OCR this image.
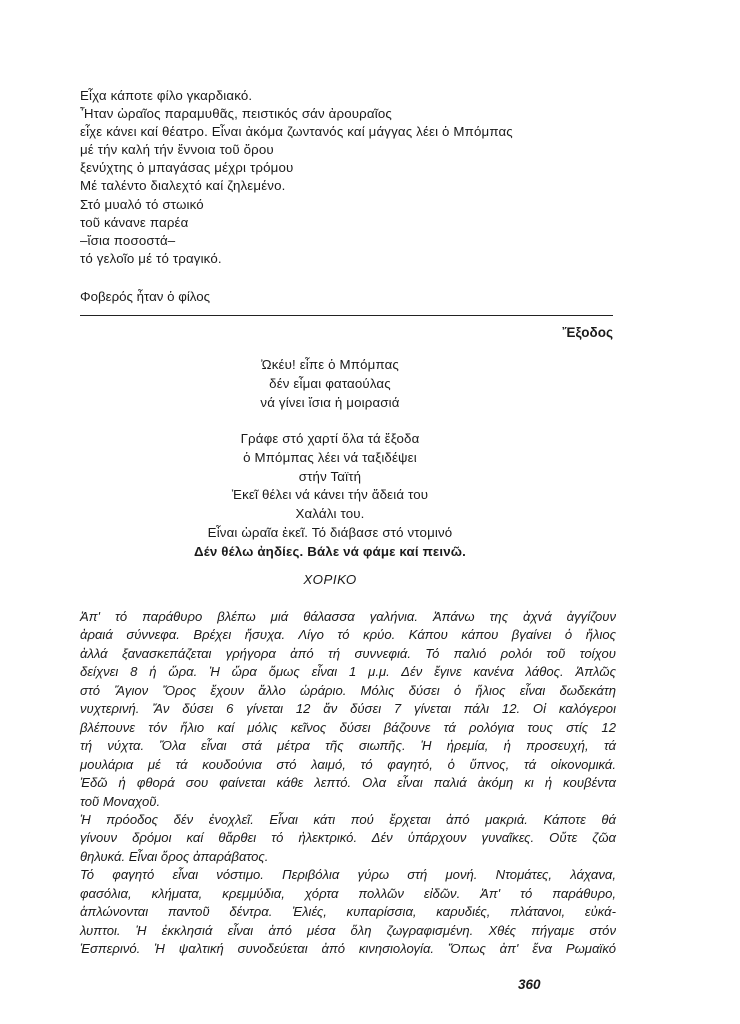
Εἶχα κάποτε φίλο γκαρδιακό.
Ἦταν ὡραῖος παραμυθᾶς, πειστικός σάν ἀρουραῖος
εἶχε κάνει καί θέατρο. Εἶναι ἀκόμα ζωντανός καί μάγγας λέει ὁ Μπόμπας
μέ τήν καλή τήν ἔννοια τοῦ ὅρου
ξενύχτης ὁ μπαγάσας μέχρι τρόμου
Μέ ταλέντο διαλεχτό καί ζηλεμένο.
Στό μυαλό τό στωικό
τοῦ κάνανε παρέα
–ἴσια ποσοστά–
τό γελοῖο μέ τό τραγικό.
Φοβερός ἦταν ὁ φίλος
Ἔξοδος
Ὠκέυ! εἶπε ὁ Μπόμπας
δέν εἶμαι φαταούλας
νά γίνει ἴσια ἡ μοιρασιά
Γράφε στό χαρτί ὅλα τά ἔξοδα
ὁ Μπόμπας λέει νά ταξιδέψει
στήν Ταϊτή
Ἐκεῖ θέλει νά κάνει τήν ἄδειά του
Χαλάλι του.
Εἶναι ὡραῖα ἐκεῖ. Τό διάβασε στό ντομινό
Δέν θέλω ἀηδίες. Βάλε νά φάμε καί πεινῶ.
ΧΟΡΙΚΟ
Ἀπ' τό παράθυρο βλέπω μιά θάλασσα γαλήνια. Ἀπάνω της ἀχνά ἀγγίζουν
ἀραιά σύννεφα. Βρέχει ἥσυχα. Λίγο τό κρύο. Κάπου κάπου βγαίνει ὁ ἥλιος
ἀλλά ξανασκεπάζεται γρήγορα ἀπό τή συννεφιά. Τό παλιό ρολόι τοῦ τοίχου
δείχνει 8 ἡ ὥρα. Ἡ ὥρα ὅμως εἶναι 1 μ.μ. Δέν ἔγινε κανένα λάθος. Ἁπλῶς
στό Ἅγιον Ὄρος ἔχουν ἄλλο ὡράριο. Μόλις δύσει ὁ ἥλιος εἶναι δωδεκάτη
νυχτερινή. Ἄν δύσει 6 γίνεται 12 ἄν δύσει 7 γίνεται πάλι 12. Οἱ καλόγεροι
βλέπουνε τόν ἥλιο καί μόλις κεῖνος δύσει βάζουνε τά ρολόγια τους στίς 12
τή νύχτα. Ὅλα εἶναι στά μέτρα τῆς σιωπῆς. Ἡ ἠρεμία, ἡ προσευχή, τά
μουλάρια μέ τά κουδούνια στό λαιμό, τό φαγητό, ὁ ὕπνος, τά οἰκονομικά.
Ἐδῶ ἡ φθορά σου φαίνεται κάθε λεπτό. Ολα εἶναι παλιά ἀκόμη κι ἡ κουβέντα
τοῦ Μοναχοῦ.
Ἡ πρόοδος δέν ἐνοχλεῖ. Εἶναι κάτι πού ἔρχεται ἀπό μακριά. Κάποτε θά
γίνουν δρόμοι καί θἄρθει τό ἠλεκτρικό. Δέν ὑπάρχουν γυναῖκες. Οὔτε ζῶα
θηλυκά. Εἶναι ὅρος ἀπαράβατος.
Τό φαγητό εἶναι νόστιμο. Περιβόλια γύρω στή μονή. Ντομάτες, λάχανα,
φασόλια, κλήματα, κρεμμύδια, χόρτα πολλῶν εἰδῶν. Ἀπ' τό παράθυρο,
ἁπλώνονται παντοῦ δέντρα. Ἐλιές, κυπαρίσσια, καρυδιές, πλάτανοι, εὐκά-
λυπτοι. Ἡ ἐκκλησιά εἶναι ἀπό μέσα ὅλη ζωγραφισμένη. Χθές πήγαμε στόν
Ἑσπερινό. Ἡ ψαλτική συνοδεύεται ἀπό κινησιολογία. Ὅπως ἀπ' ἕνα Ρωμαϊκό
360
